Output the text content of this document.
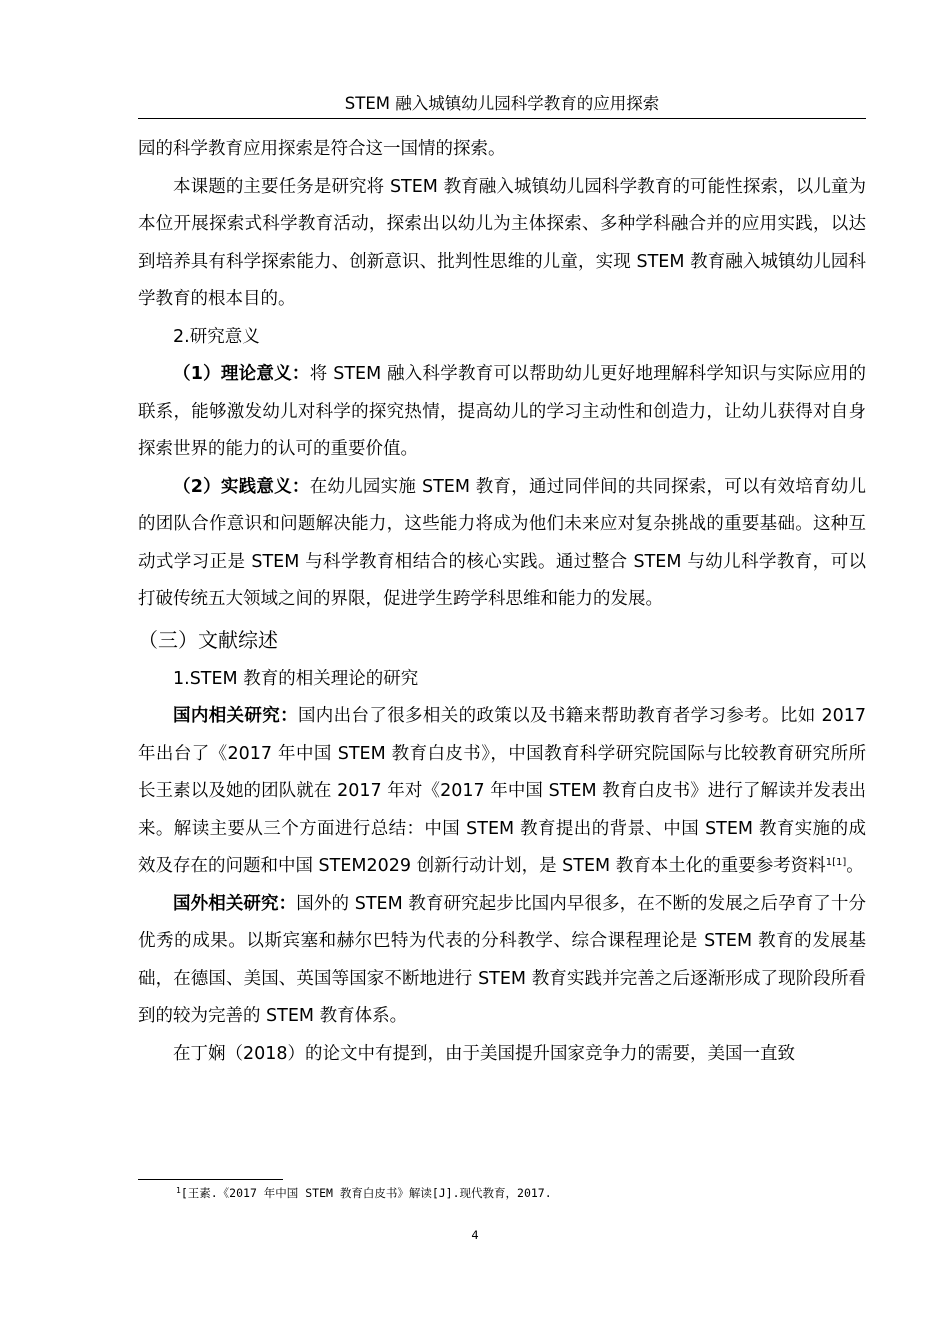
STEM 融入城镇幼儿园科学教育的应用探索

园的科学教育应用探索是符合这一国情的探索。

本课题的主要任务是研究将 STEM 教育融入城镇幼儿园科学教育的可能性探索，以儿童为本位开展探索式科学教育活动，探索出以幼儿为主体探索、多种学科融合并的应用实践，以达到培养具有科学探索能力、创新意识、批判性思维的儿童，实现 STEM 教育融入城镇幼儿园科学教育的根本目的。

2.研究意义

（1）理论意义：将 STEM 融入科学教育可以帮助幼儿更好地理解科学知识与实际应用的联系，能够激发幼儿对科学的探究热情，提高幼儿的学习主动性和创造力，让幼儿获得对自身探索世界的能力的认可的重要价值。

（2）实践意义：在幼儿园实施 STEM 教育，通过同伴间的共同探索，可以有效培育幼儿的团队合作意识和问题解决能力，这些能力将成为他们未来应对复杂挑战的重要基础。这种互动式学习正是 STEM 与科学教育相结合的核心实践。通过整合 STEM 与幼儿科学教育，可以打破传统五大领域之间的界限，促进学生跨学科思维和能力的发展。

（三）文献综述
1.STEM 教育的相关理论的研究

国内相关研究：国内出台了很多相关的政策以及书籍来帮助教育者学习参考。比如 2017 年出台了《2017 年中国 STEM 教育白皮书》，中国教育科学研究院国际与比较教育研究所所长王素以及她的团队就在 2017 年对《2017 年中国 STEM 教育白皮书》进行了解读并发表出来。解读主要从三个方面进行总结：中国 STEM 教育提出的背景、中国 STEM 教育实施的成效及存在的问题和中国 STEM2029 创新行动计划，是 STEM 教育本土化的重要参考资料$^{1[1]}$。

国外相关研究：国外的 STEM 教育研究起步比国内早很多，在不断的发展之后孕育了十分优秀的成果。以斯宾塞和赫尔巴特为代表的分科教学、综合课程理论是 STEM 教育的发展基础，在德国、美国、英国等国家不断地进行 STEM 教育实践并完善之后逐渐形成了现阶段所看到的较为完善的 STEM 教育体系。

在丁娴（2018）的论文中有提到，由于美国提升国家竞争力的需要，美国一直致

$^1$[王素.《2017 年中国 STEM 教育白皮书》解读[J].现代教育，2017.
4
